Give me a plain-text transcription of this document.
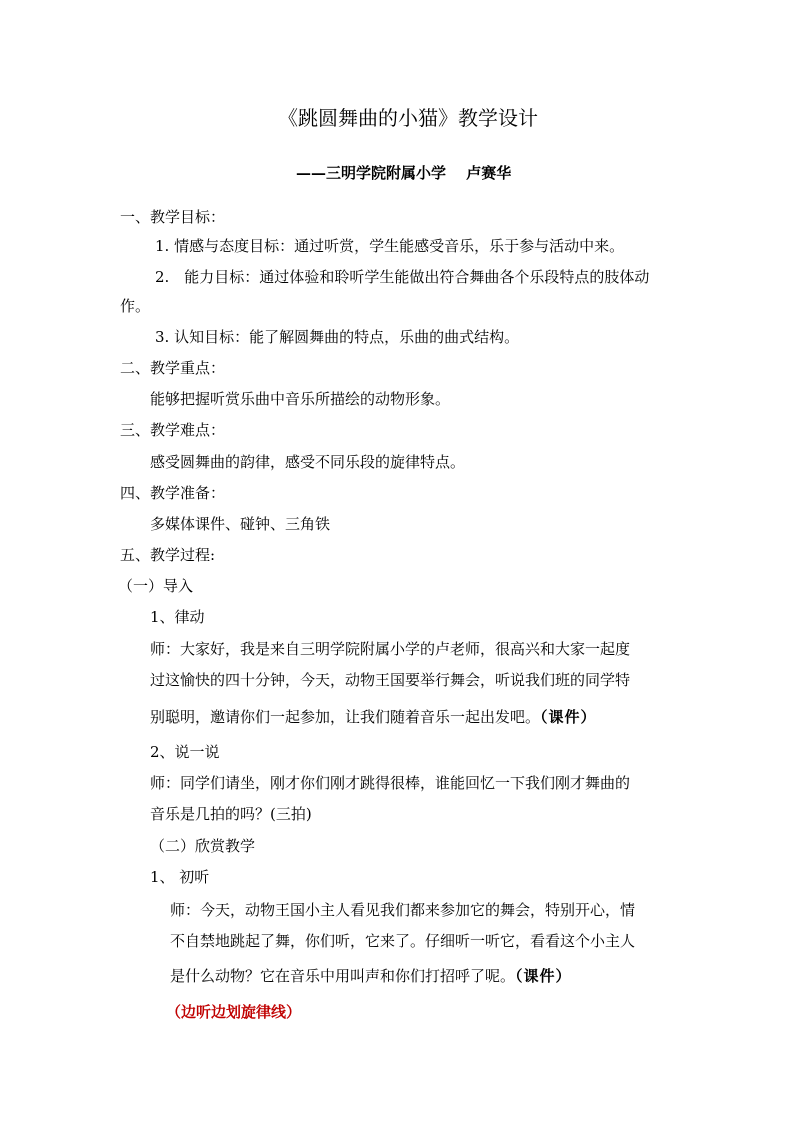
《跳圆舞曲的小猫》教学设计
——三明学院附属小学　 卢赛华
一、教学目标：
1. 情感与态度目标：通过听赏，学生能感受音乐，乐于参与活动中来。
2.　能力目标：通过体验和聆听学生能做出符合舞曲各个乐段特点的肢体动
作。
3. 认知目标：能了解圆舞曲的特点，乐曲的曲式结构。
二、教学重点：
能够把握听赏乐曲中音乐所描绘的动物形象。
三、教学难点：
感受圆舞曲的韵律，感受不同乐段的旋律特点。
四、教学准备：
多媒体课件、碰钟、三角铁
五、教学过程:
（一）导入
1、律动
师：大家好，我是来自三明学院附属小学的卢老师，很高兴和大家一起度
过这愉快的四十分钟，今天，动物王国要举行舞会，听说我们班的同学特
别聪明，邀请你们一起参加，让我们随着音乐一起出发吧。（课件）
2、说一说
师：同学们请坐，刚才你们刚才跳得很棒，谁能回忆一下我们刚才舞曲的
音乐是几拍的吗？(三拍)
（二）欣赏教学
1、 初听
师：今天，动物王国小主人看见我们都来参加它的舞会，特别开心，情
不自禁地跳起了舞，你们听，它来了。仔细听一听它，看看这个小主人
是什么动物？它在音乐中用叫声和你们打招呼了呢。（课件）
（边听边划旋律线）
